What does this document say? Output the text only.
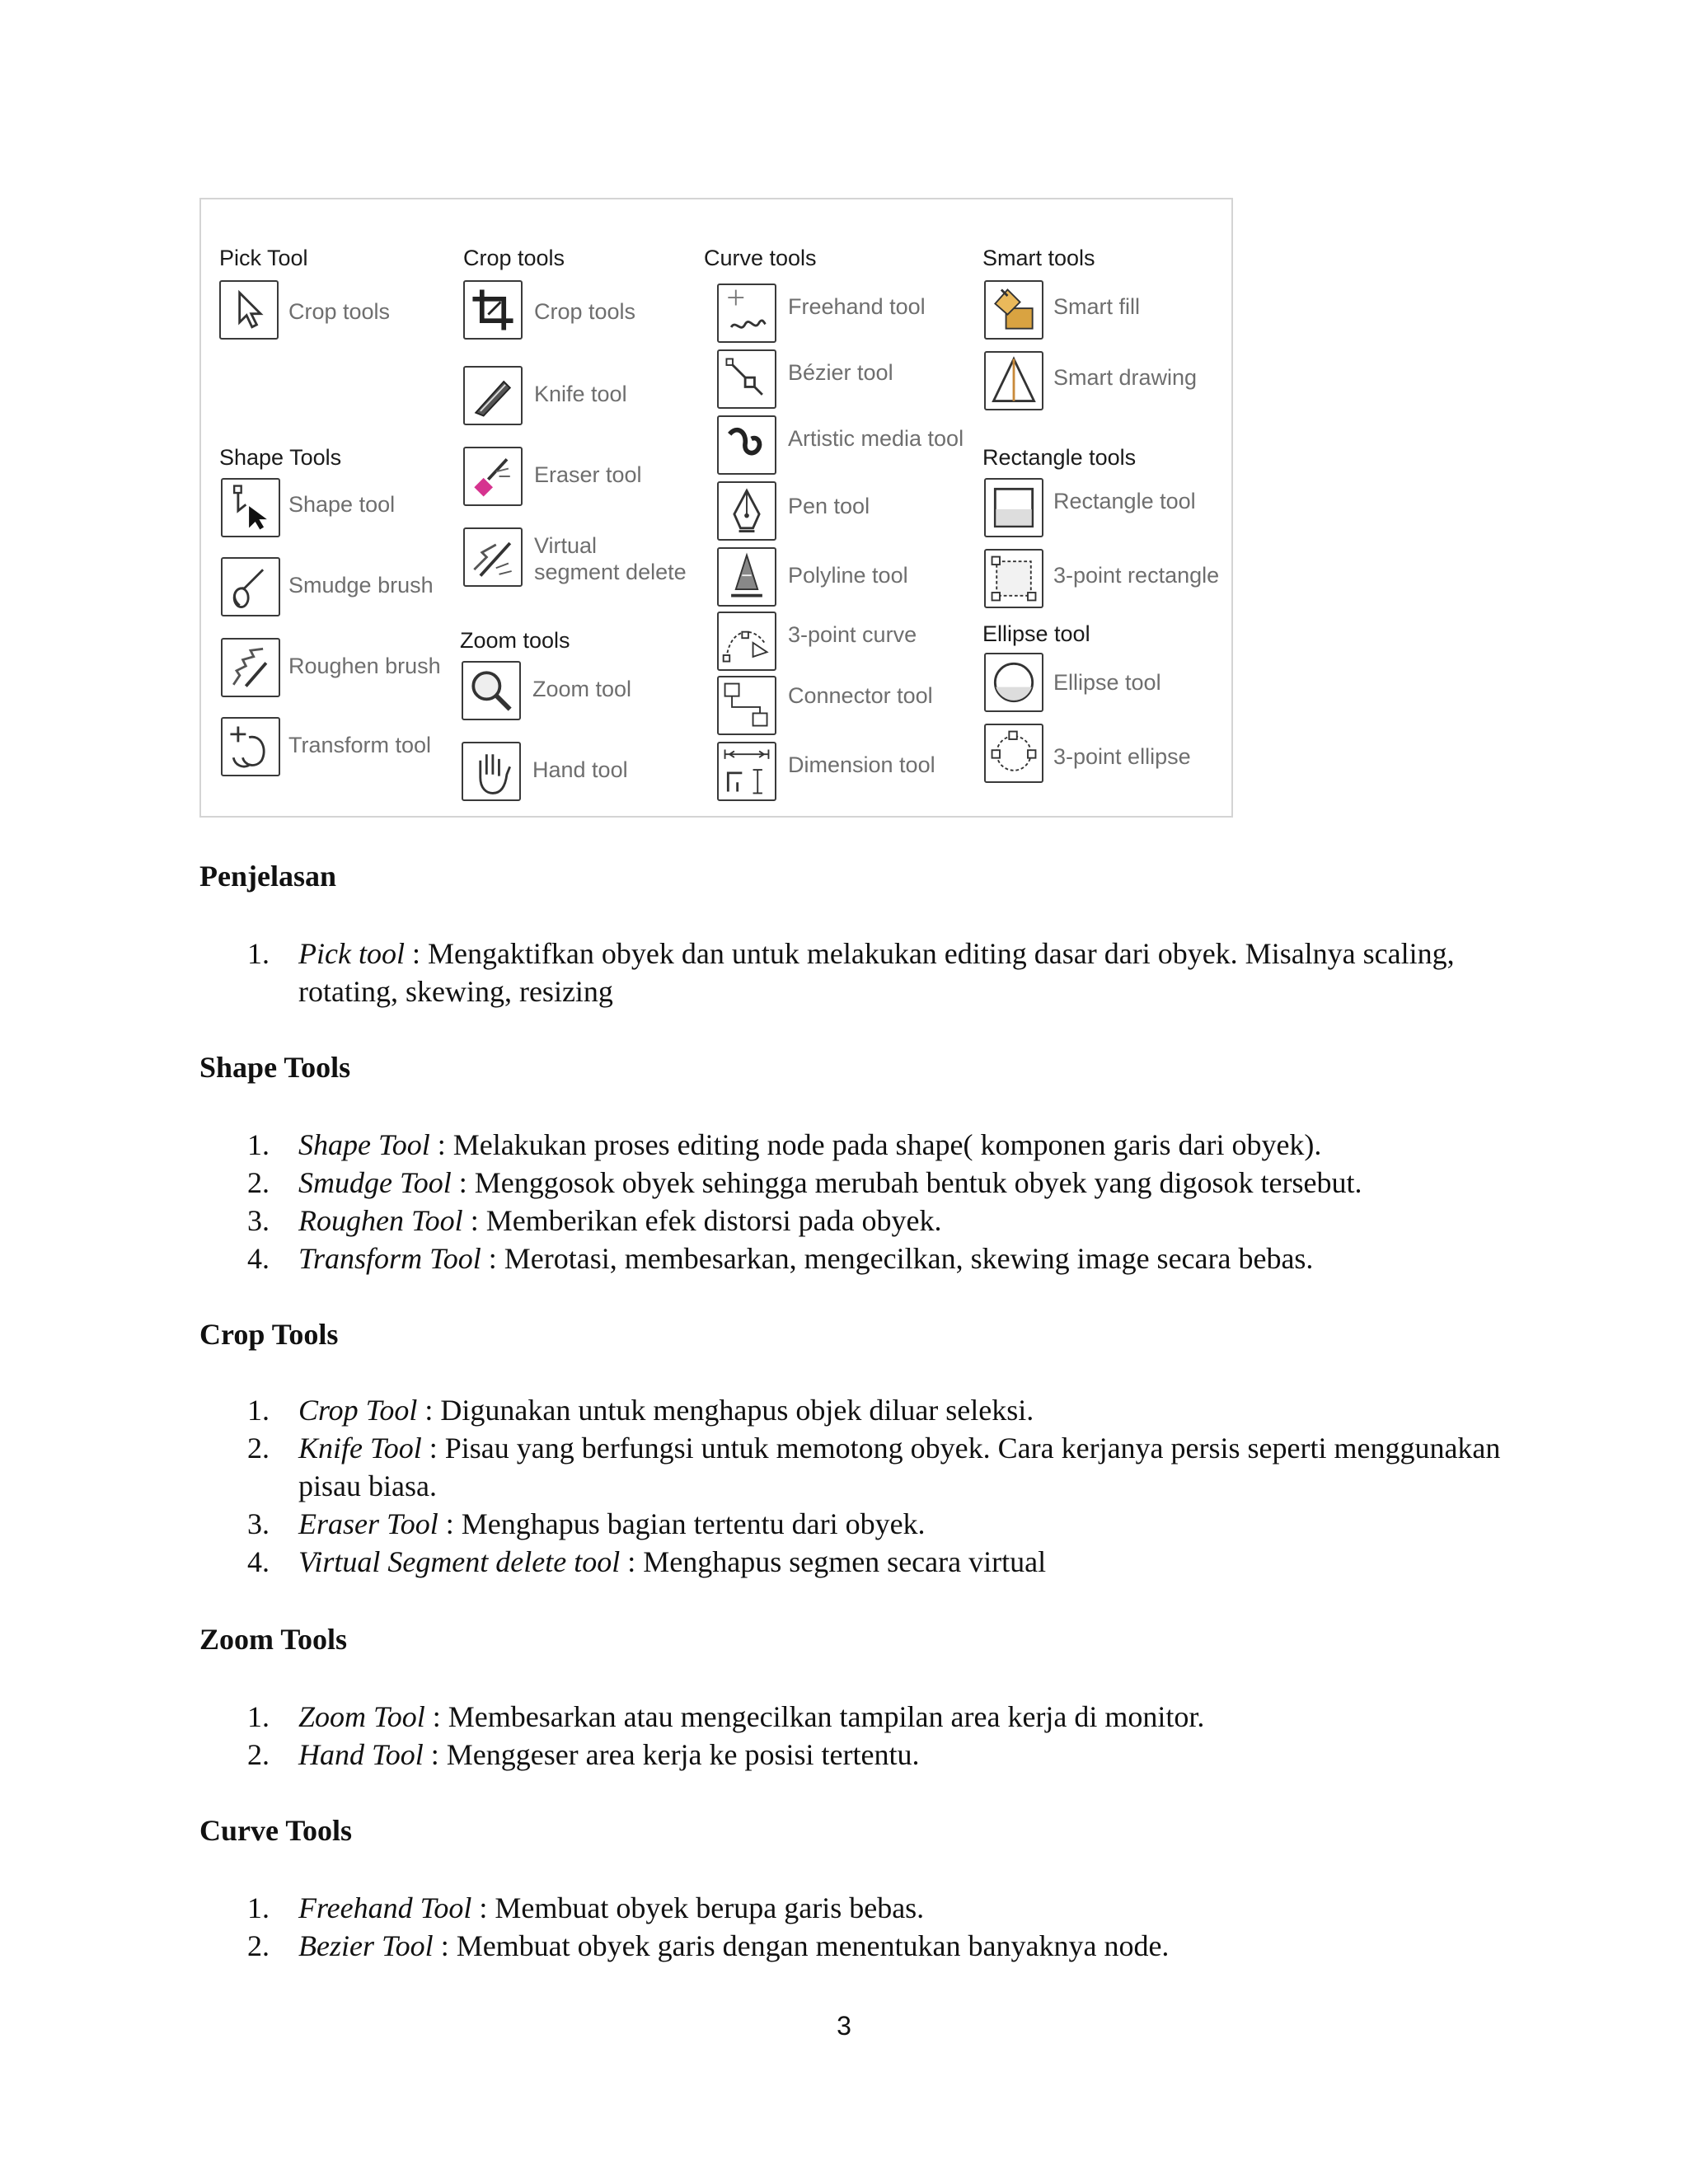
Pick Tool
Crop tools
Shape Tools
Shape tool
Smudge brush
Roughen brush
Transform tool
Crop tools
Crop tools
Knife tool
Eraser tool
Virtual
segment delete
Zoom tools
Zoom tool
Hand tool
Curve tools
Freehand tool
Bézier tool
Artistic media tool
Pen tool
Polyline tool
3-point curve
Connector tool
Dimension tool
Smart tools
Smart fill
Smart drawing
Rectangle tools
Rectangle tool
3-point rectangle
Ellipse tool
Ellipse tool
3-point ellipse
Penjelasan
1. Pick tool : Mengaktifkan obyek dan untuk melakukan editing dasar dari obyek. Misalnya scaling, rotating, skewing, resizing
Shape Tools
1. Shape Tool : Melakukan proses editing node pada shape( komponen garis dari obyek).
2. Smudge Tool : Menggosok obyek sehingga merubah bentuk obyek yang digosok tersebut.
3. Roughen Tool : Memberikan efek distorsi pada obyek.
4. Transform Tool : Merotasi, membesarkan, mengecilkan, skewing image secara bebas.
Crop Tools
1. Crop Tool : Digunakan untuk menghapus objek diluar seleksi.
2. Knife Tool : Pisau yang berfungsi untuk memotong obyek. Cara kerjanya persis seperti menggunakan pisau biasa.
3. Eraser Tool : Menghapus bagian tertentu dari obyek.
4. Virtual Segment delete tool : Menghapus segmen secara virtual
Zoom Tools
1. Zoom Tool : Membesarkan atau mengecilkan tampilan area kerja di monitor.
2. Hand Tool : Menggeser area kerja ke posisi tertentu.
Curve Tools
1. Freehand Tool : Membuat obyek berupa garis bebas.
2. Bezier Tool : Membuat obyek garis dengan menentukan banyaknya node.
3
